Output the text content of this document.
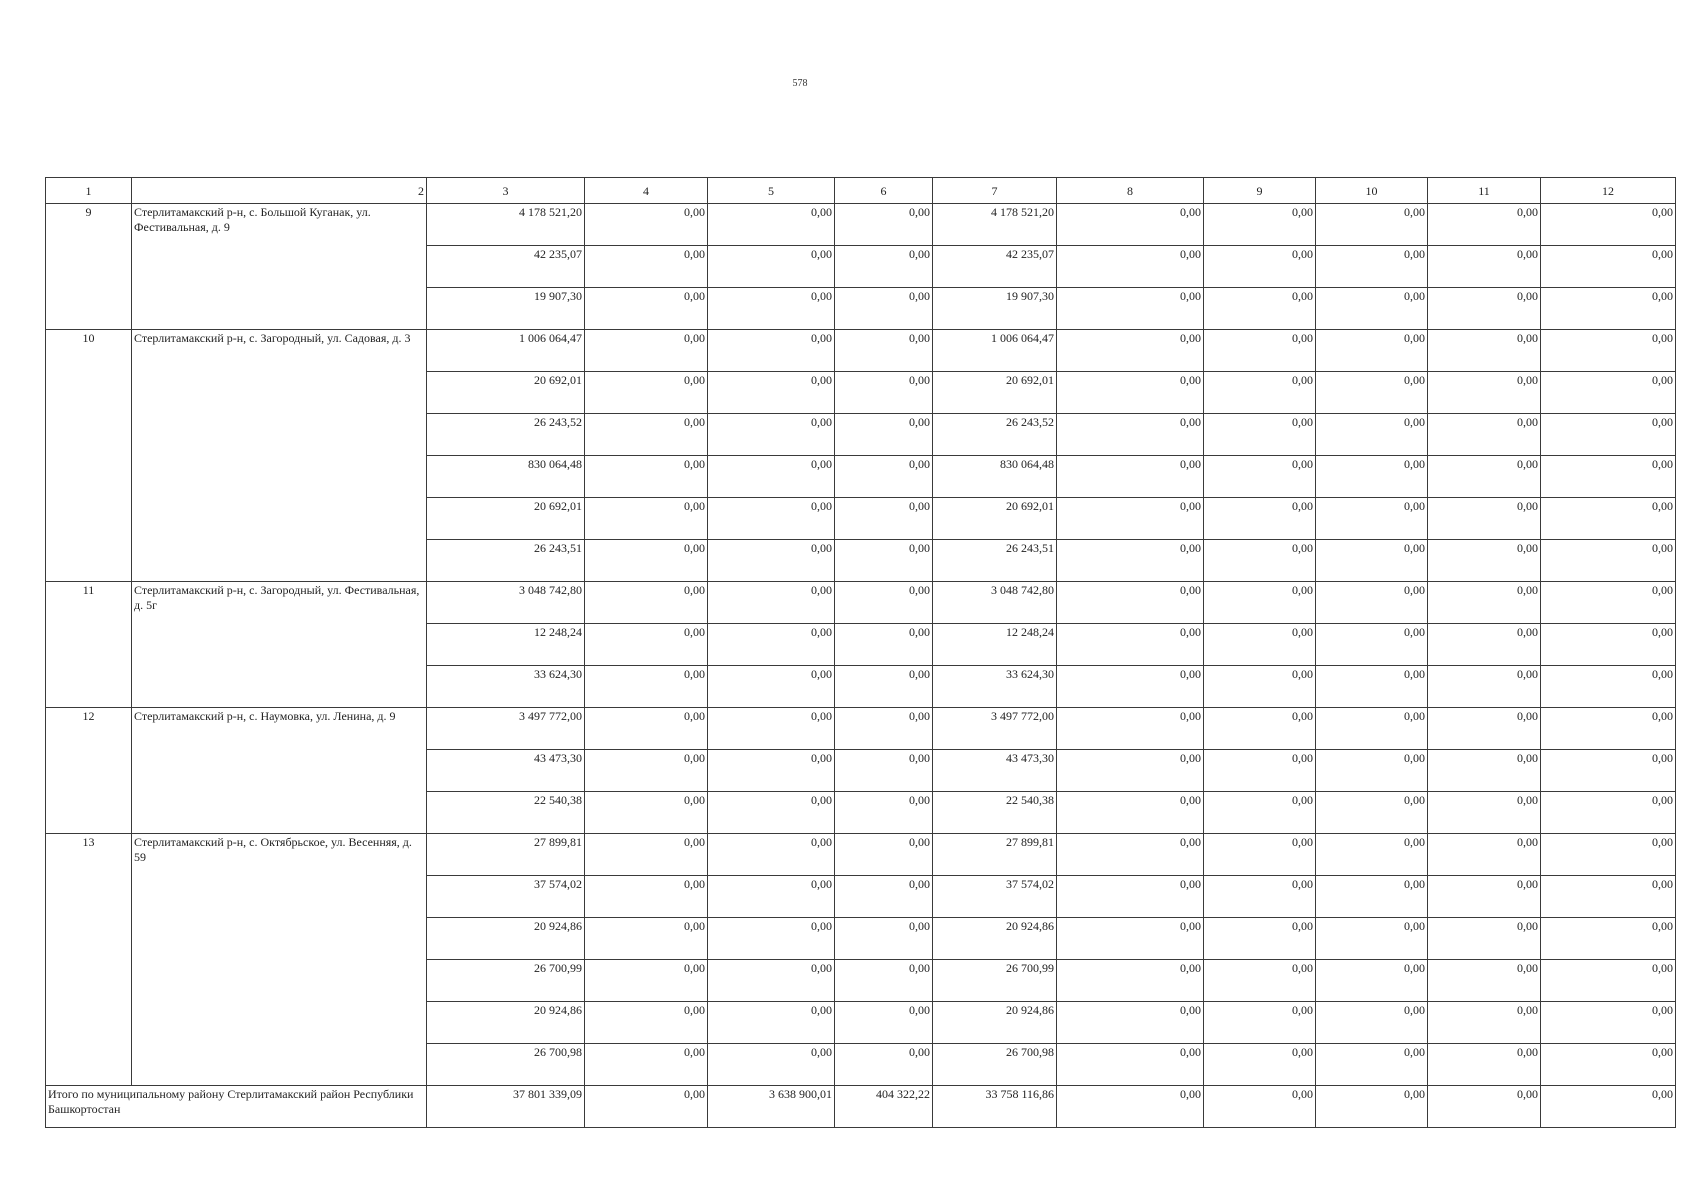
578
1	2	3	4	5	6	7	8	9	10	11	12
9	Стерлитамакский р-н, с. Большой Куганак, ул. Фестивальная, д. 9	4 178 521,20	0,00	0,00	0,00	4 178 521,20	0,00	0,00	0,00	0,00	0,00
		42 235,07	0,00	0,00	0,00	42 235,07	0,00	0,00	0,00	0,00	0,00
		19 907,30	0,00	0,00	0,00	19 907,30	0,00	0,00	0,00	0,00	0,00
10	Стерлитамакский р-н, с. Загородный, ул. Садовая, д. 3	1 006 064,47	0,00	0,00	0,00	1 006 064,47	0,00	0,00	0,00	0,00	0,00
		20 692,01	0,00	0,00	0,00	20 692,01	0,00	0,00	0,00	0,00	0,00
		26 243,52	0,00	0,00	0,00	26 243,52	0,00	0,00	0,00	0,00	0,00
		830 064,48	0,00	0,00	0,00	830 064,48	0,00	0,00	0,00	0,00	0,00
		20 692,01	0,00	0,00	0,00	20 692,01	0,00	0,00	0,00	0,00	0,00
		26 243,51	0,00	0,00	0,00	26 243,51	0,00	0,00	0,00	0,00	0,00
11	Стерлитамакский р-н, с. Загородный, ул. Фестивальная, д. 5г	3 048 742,80	0,00	0,00	0,00	3 048 742,80	0,00	0,00	0,00	0,00	0,00
		12 248,24	0,00	0,00	0,00	12 248,24	0,00	0,00	0,00	0,00	0,00
		33 624,30	0,00	0,00	0,00	33 624,30	0,00	0,00	0,00	0,00	0,00
12	Стерлитамакский р-н, с. Наумовка, ул. Ленина, д. 9	3 497 772,00	0,00	0,00	0,00	3 497 772,00	0,00	0,00	0,00	0,00	0,00
		43 473,30	0,00	0,00	0,00	43 473,30	0,00	0,00	0,00	0,00	0,00
		22 540,38	0,00	0,00	0,00	22 540,38	0,00	0,00	0,00	0,00	0,00
13	Стерлитамакский р-н, с. Октябрьское, ул. Весенняя, д. 59	27 899,81	0,00	0,00	0,00	27 899,81	0,00	0,00	0,00	0,00	0,00
		37 574,02	0,00	0,00	0,00	37 574,02	0,00	0,00	0,00	0,00	0,00
		20 924,86	0,00	0,00	0,00	20 924,86	0,00	0,00	0,00	0,00	0,00
		26 700,99	0,00	0,00	0,00	26 700,99	0,00	0,00	0,00	0,00	0,00
		20 924,86	0,00	0,00	0,00	20 924,86	0,00	0,00	0,00	0,00	0,00
		26 700,98	0,00	0,00	0,00	26 700,98	0,00	0,00	0,00	0,00	0,00
Итого по муниципальному району Стерлитамакский район Республики Башкортостан		37 801 339,09	0,00	3 638 900,01	404 322,22	33 758 116,86	0,00	0,00	0,00	0,00	0,00
